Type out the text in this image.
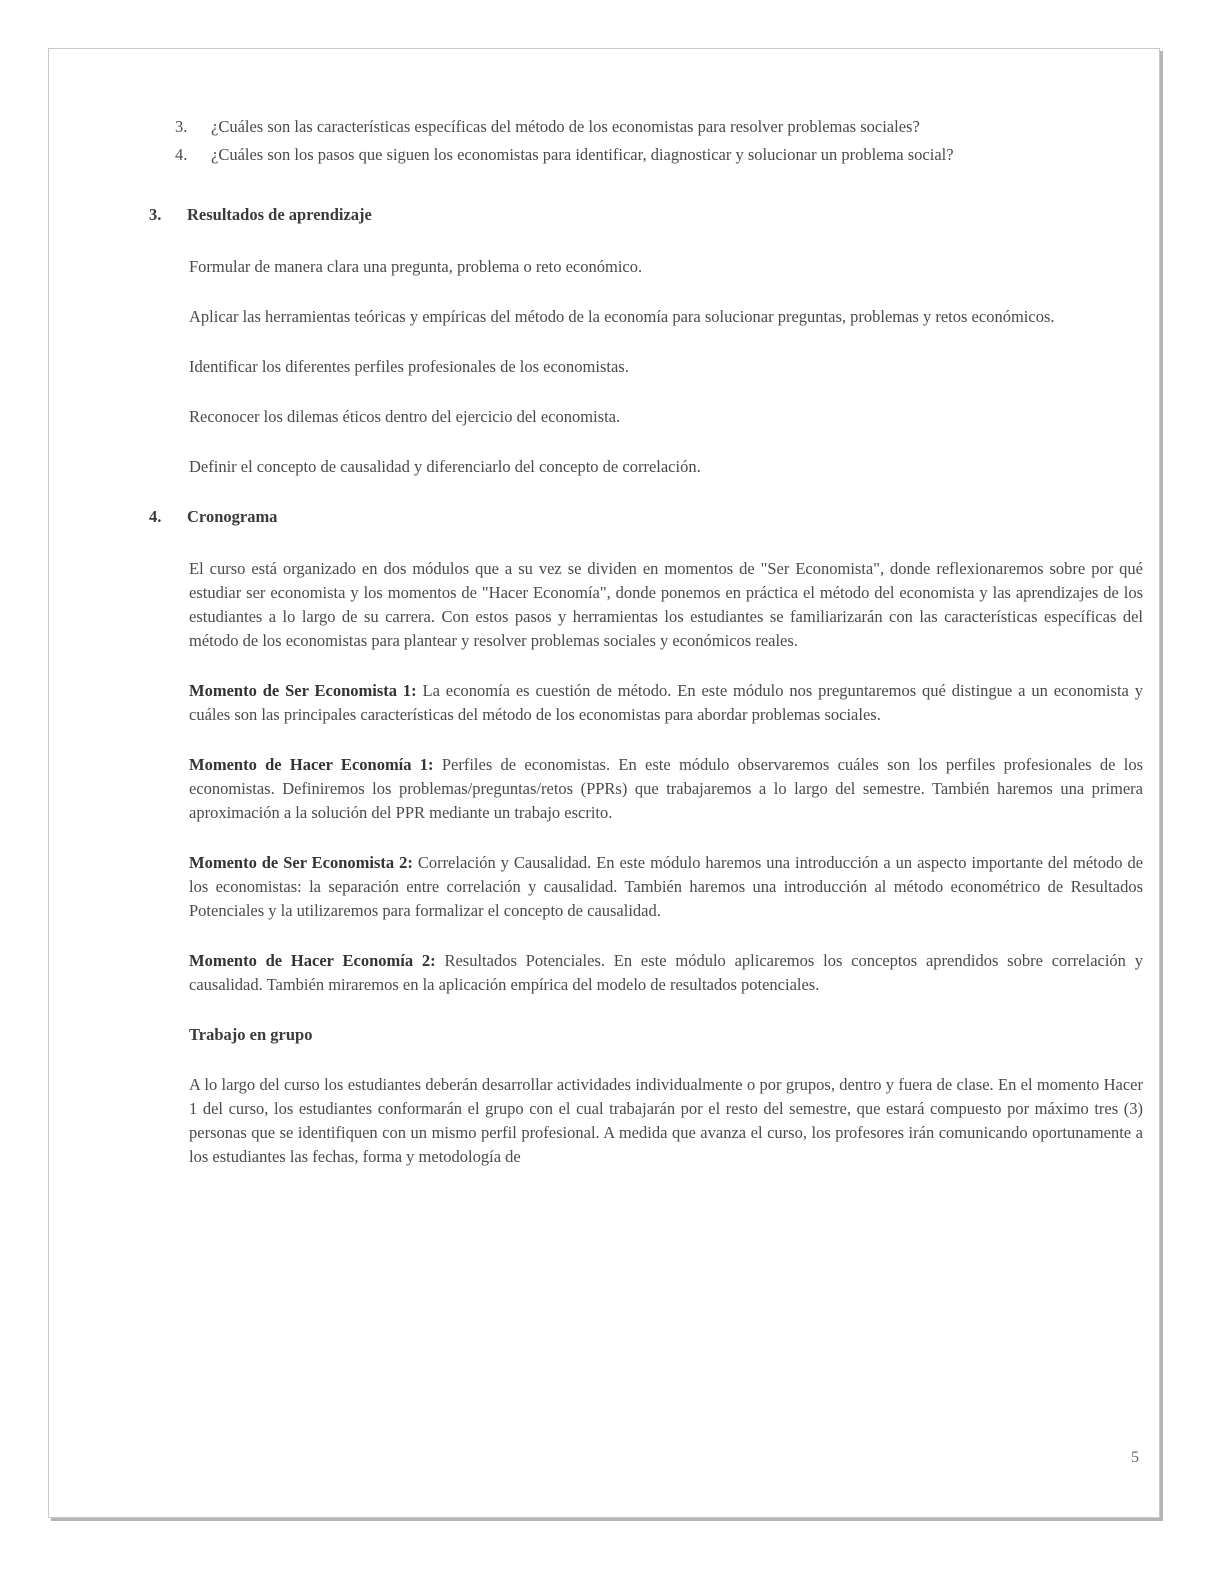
3. ¿Cuáles son las características específicas del método de los economistas para resolver problemas sociales?
4. ¿Cuáles son los pasos que siguen los economistas para identificar, diagnosticar y solucionar un problema social?
3. Resultados de aprendizaje

Formular de manera clara una pregunta, problema o reto económico.

Aplicar las herramientas teóricas y empíricas del método de la economía para solucionar preguntas, problemas y retos económicos.

Identificar los diferentes perfiles profesionales de los economistas.

Reconocer los dilemas éticos dentro del ejercicio del economista.

Definir el concepto de causalidad y diferenciarlo del concepto de correlación.

4. Cronograma

El curso está organizado en dos módulos que a su vez se dividen en momentos de "Ser Economista", donde reflexionaremos sobre por qué estudiar ser economista y los momentos de "Hacer Economía", donde ponemos en práctica el método del economista y las aprendizajes de los estudiantes a lo largo de su carrera. Con estos pasos y herramientas los estudiantes se familiarizarán con las características específicas del método de los economistas para plantear y resolver problemas sociales y económicos reales.

Momento de Ser Economista 1: La economía es cuestión de método. En este módulo nos preguntaremos qué distingue a un economista y cuáles son las principales características del método de los economistas para abordar problemas sociales.

Momento de Hacer Economía 1: Perfiles de economistas. En este módulo observaremos cuáles son los perfiles profesionales de los economistas. Definiremos los problemas/preguntas/retos (PPRs) que trabajaremos a lo largo del semestre. También haremos una primera aproximación a la solución del PPR mediante un trabajo escrito.

Momento de Ser Economista 2: Correlación y Causalidad. En este módulo haremos una introducción a un aspecto importante del método de los economistas: la separación entre correlación y causalidad. También haremos una introducción al método econométrico de Resultados Potenciales y la utilizaremos para formalizar el concepto de causalidad.

Momento de Hacer Economía 2: Resultados Potenciales. En este módulo aplicaremos los conceptos aprendidos sobre correlación y causalidad. También miraremos en la aplicación empírica del modelo de resultados potenciales.

Trabajo en grupo

A lo largo del curso los estudiantes deberán desarrollar actividades individualmente o por grupos, dentro y fuera de clase. En el momento Hacer 1 del curso, los estudiantes conformarán el grupo con el cual trabajarán por el resto del semestre, que estará compuesto por máximo tres (3) personas que se identifiquen con un mismo perfil profesional. A medida que avanza el curso, los profesores irán comunicando oportunamente a los estudiantes las fechas, forma y metodología de

5
